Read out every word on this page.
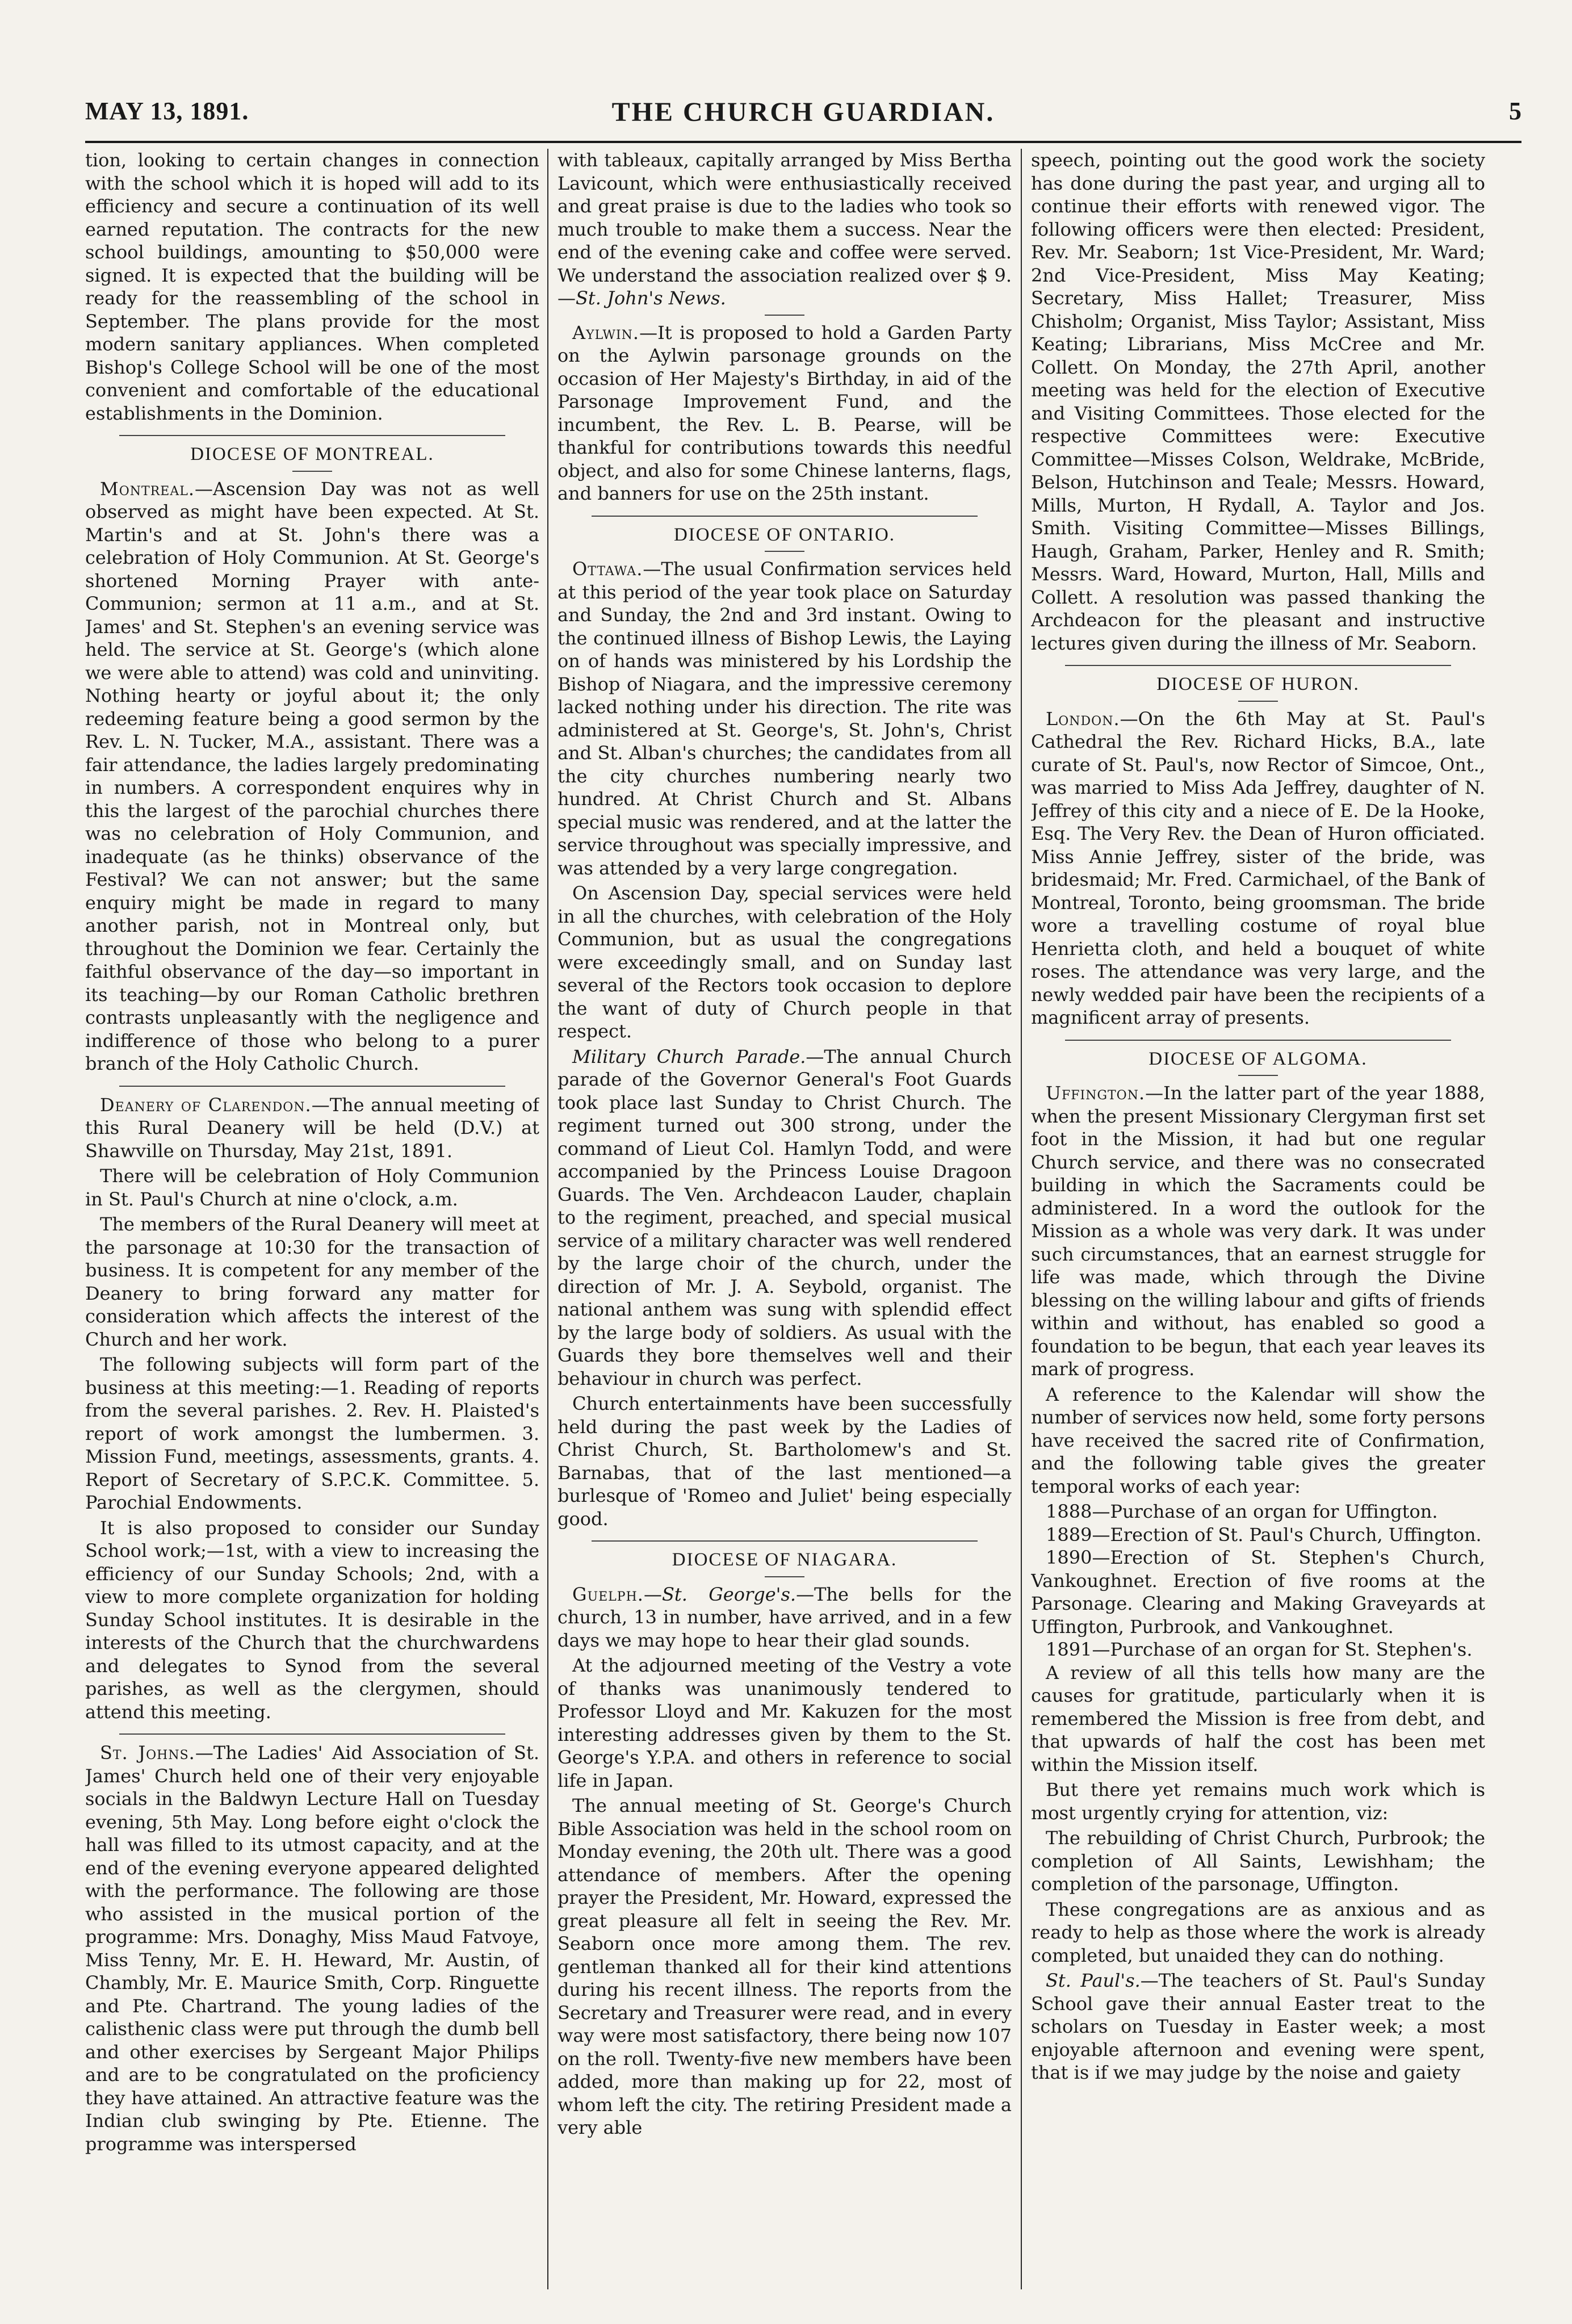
MAY 13, 1891.	THE CHURCH GUARDIAN.	5

tion, looking to certain changes in connection with the school which it is hoped will add to its efficiency and secure a continuation of its well earned reputation. The contracts for the new school buildings, amounting to $50,000 were signed. It is expected that the building will be ready for the reassembling of the school in September. The plans provide for the most modern sanitary appliances. When completed Bishop's College School will be one of the most convenient and comfortable of the educational establishments in the Dominion.

DIOCESE OF MONTREAL.

Montreal.—Ascension Day was not as well observed as might have been expected. At St. Martin's and at St. John's there was a celebration of Holy Communion. At St. George's shortened Morning Prayer with ante-Communion; sermon at 11 a.m., and at St. James' and St. Stephen's an evening service was held. The service at St. George's (which alone we were able to attend) was cold and uninviting. Nothing hearty or joyful about it; the only redeeming feature being a good sermon by the Rev. L. N. Tucker, M.A., assistant. There was a fair attendance, the ladies largely predominating in numbers. A correspondent enquires why in this the largest of the parochial churches there was no celebration of Holy Communion, and inadequate (as he thinks) observance of the Festival? We can not answer; but the same enquiry might be made in regard to many another parish, not in Montreal only, but throughout the Dominion we fear. Certainly the faithful observance of the day—so important in its teaching—by our Roman Catholic brethren contrasts unpleasantly with the negligence and indifference of those who belong to a purer branch of the Holy Catholic Church.

Deanery of Clarendon.—The annual meeting of this Rural Deanery will be held (D.V.) at Shawville on Thursday, May 21st, 1891.

There will be celebration of Holy Communion in St. Paul's Church at nine o'clock, a.m.

The members of the Rural Deanery will meet at the parsonage at 10:30 for the transaction of business. It is competent for any member of the Deanery to bring forward any matter for consideration which affects the interest of the Church and her work.

The following subjects will form part of the business at this meeting:—1. Reading of reports from the several parishes. 2. Rev. H. Plaisted's report of work amongst the lumbermen. 3. Mission Fund, meetings, assessments, grants. 4. Report of Secretary of S.P.C.K. Committee. 5. Parochial Endowments.

It is also proposed to consider our Sunday School work;—1st, with a view to increasing the efficiency of our Sunday Schools; 2nd, with a view to more complete organization for holding Sunday School institutes. It is desirable in the interests of the Church that the churchwardens and delegates to Synod from the several parishes, as well as the clergymen, should attend this meeting.

St. Johns.—The Ladies' Aid Association of St. James' Church held one of their very enjoyable socials in the Baldwyn Lecture Hall on Tuesday evening, 5th May. Long before eight o'clock the hall was filled to its utmost capacity, and at the end of the evening everyone appeared delighted with the performance. The following are those who assisted in the musical portion of the programme: Mrs. Donaghy, Miss Maud Fatvoye, Miss Tenny, Mr. E. H. Heward, Mr. Austin, of Chambly, Mr. E. Maurice Smith, Corp. Ringuette and Pte. Chartrand. The young ladies of the calisthenic class were put through the dumb bell and other exercises by Sergeant Major Philips and are to be congratulated on the proficiency they have attained. An attractive feature was the Indian club swinging by Pte. Etienne. The programme was interspersed

with tableaux, capitally arranged by Miss Bertha Lavicount, which were enthusiastically received and great praise is due to the ladies who took so much trouble to make them a success. Near the end of the evening cake and coffee were served. We understand the association realized over $ 9.—St. John's News.

Aylwin.—It is proposed to hold a Garden Party on the Aylwin parsonage grounds on the occasion of Her Majesty's Birthday, in aid of the Parsonage Improvement Fund, and the incumbent, the Rev. L. B. Pearse, will be thankful for contributions towards this needful object, and also for some Chinese lanterns, flags, and banners for use on the 25th instant.

DIOCESE OF ONTARIO.

Ottawa.—The usual Confirmation services held at this period of the year took place on Saturday and Sunday, the 2nd and 3rd instant. Owing to the continued illness of Bishop Lewis, the Laying on of hands was ministered by his Lordship the Bishop of Niagara, and the impressive ceremony lacked nothing under his direction. The rite was administered at St. George's, St. John's, Christ and St. Alban's churches; the candidates from all the city churches numbering nearly two hundred. At Christ Church and St. Albans special music was rendered, and at the latter the service throughout was specially impressive, and was attended by a very large congregation.

On Ascension Day, special services were held in all the churches, with celebration of the Holy Communion, but as usual the congregations were exceedingly small, and on Sunday last several of the Rectors took occasion to deplore the want of duty of Church people in that respect.

Military Church Parade.—The annual Church parade of the Governor General's Foot Guards took place last Sunday to Christ Church. The regiment turned out 300 strong, under the command of Lieut Col. Hamlyn Todd, and were accompanied by the Princess Louise Dragoon Guards. The Ven. Archdeacon Lauder, chaplain to the regiment, preached, and special musical service of a military character was well rendered by the large choir of the church, under the direction of Mr. J. A. Seybold, organist. The national anthem was sung with splendid effect by the large body of soldiers. As usual with the Guards they bore themselves well and their behaviour in church was perfect.

Church entertainments have been successfully held during the past week by the Ladies of Christ Church, St. Bartholomew's and St. Barnabas, that of the last mentioned—a burlesque of 'Romeo and Juliet' being especially good.

DIOCESE OF NIAGARA.

Guelph.—St. George's.—The bells for the church, 13 in number, have arrived, and in a few days we may hope to hear their glad sounds.

At the adjourned meeting of the Vestry a vote of thanks was unanimously tendered to Professor Lloyd and Mr. Kakuzen for the most interesting addresses given by them to the St. George's Y.P.A. and others in reference to social life in Japan.

The annual meeting of St. George's Church Bible Association was held in the school room on Monday evening, the 20th ult. There was a good attendance of members. After the opening prayer the President, Mr. Howard, expressed the great pleasure all felt in seeing the Rev. Mr. Seaborn once more among them. The rev. gentleman thanked all for their kind attentions during his recent illness. The reports from the Secretary and Treasurer were read, and in every way were most satisfactory, there being now 107 on the roll. Twenty-five new members have been added, more than making up for 22, most of whom left the city. The retiring President made a very able

speech, pointing out the good work the society has done during the past year, and urging all to continue their efforts with renewed vigor. The following officers were then elected: President, Rev. Mr. Seaborn; 1st Vice-President, Mr. Ward; 2nd Vice-President, Miss May Keating; Secretary, Miss Hallet; Treasurer, Miss Chisholm; Organist, Miss Taylor; Assistant, Miss Keating; Librarians, Miss McCree and Mr. Collett. On Monday, the 27th April, another meeting was held for the election of Executive and Visiting Committees. Those elected for the respective Committees were: Executive Committee—Misses Colson, Weldrake, McBride, Belson, Hutchinson and Teale; Messrs. Howard, Mills, Murton, H Rydall, A. Taylor and Jos. Smith. Visiting Committee—Misses Billings, Haugh, Graham, Parker, Henley and R. Smith; Messrs. Ward, Howard, Murton, Hall, Mills and Collett. A resolution was passed thanking the Archdeacon for the pleasant and instructive lectures given during the illness of Mr. Seaborn.

DIOCESE OF HURON.

London.—On the 6th May at St. Paul's Cathedral the Rev. Richard Hicks, B.A., late curate of St. Paul's, now Rector of Simcoe, Ont., was married to Miss Ada Jeffrey, daughter of N. Jeffrey of this city and a niece of E. De la Hooke, Esq. The Very Rev. the Dean of Huron officiated. Miss Annie Jeffrey, sister of the bride, was bridesmaid; Mr. Fred. Carmichael, of the Bank of Montreal, Toronto, being groomsman. The bride wore a travelling costume of royal blue Henrietta cloth, and held a bouquet of white roses. The attendance was very large, and the newly wedded pair have been the recipients of a magnificent array of presents.

DIOCESE OF ALGOMA.

Uffington.—In the latter part of the year 1888, when the present Missionary Clergyman first set foot in the Mission, it had but one regular Church service, and there was no consecrated building in which the Sacraments could be administered. In a word the outlook for the Mission as a whole was very dark. It was under such circumstances, that an earnest struggle for life was made, which through the Divine blessing on the willing labour and gifts of friends within and without, has enabled so good a foundation to be begun, that each year leaves its mark of progress.

A reference to the Kalendar will show the number of services now held, some forty persons have received the sacred rite of Confirmation, and the following table gives the greater temporal works of each year:

1888—Purchase of an organ for Uffington.

1889—Erection of St. Paul's Church, Uffington.

1890—Erection of St. Stephen's Church, Vankoughnet. Erection of five rooms at the Parsonage. Clearing and Making Graveyards at Uffington, Purbrook, and Vankoughnet.

1891—Purchase of an organ for St. Stephen's.

A review of all this tells how many are the causes for gratitude, particularly when it is remembered the Mission is free from debt, and that upwards of half the cost has been met within the Mission itself.

But there yet remains much work which is most urgently crying for attention, viz:

The rebuilding of Christ Church, Purbrook; the completion of All Saints, Lewishham; the completion of the parsonage, Uffington.

These congregations are as anxious and as ready to help as those where the work is already completed, but unaided they can do nothing.

St. Paul's.—The teachers of St. Paul's Sunday School gave their annual Easter treat to the scholars on Tuesday in Easter week; a most enjoyable afternoon and evening were spent, that is if we may judge by the noise and gaiety
